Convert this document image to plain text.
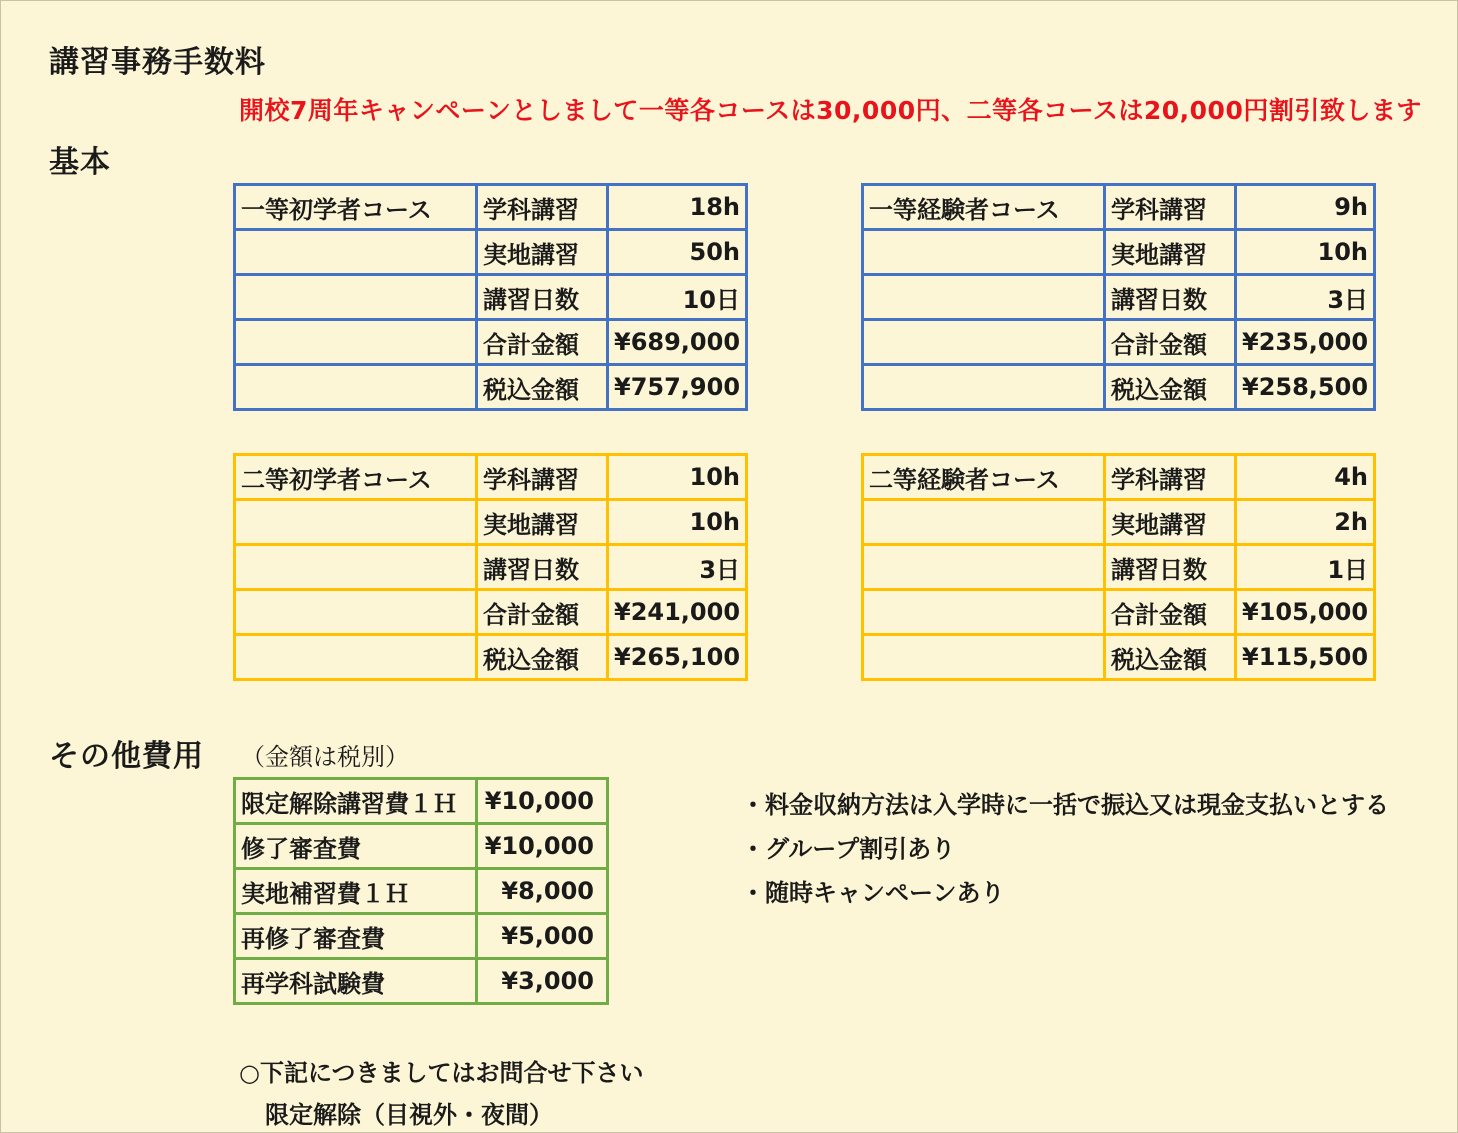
講習事務手数料
開校7周年キャンペーンとしまして一等各コースは30,000円、二等各コースは20,000円割引致します
基本
一等初学者コース	学科講習	18h
	実地講習	50h
	講習日数	10日
	合計金額	¥689,000
	税込金額	¥757,900
一等経験者コース	学科講習	9h
	実地講習	10h
	講習日数	3日
	合計金額	¥235,000
	税込金額	¥258,500
二等初学者コース	学科講習	10h
	実地講習	10h
	講習日数	3日
	合計金額	¥241,000
	税込金額	¥265,100
二等経験者コース	学科講習	4h
	実地講習	2h
	講習日数	1日
	合計金額	¥105,000
	税込金額	¥115,500
その他費用 （金額は税別）
限定解除講習費１Ｈ	¥10,000
修了審査費	¥10,000
実地補習費１Ｈ	¥8,000
再修了審査費	¥5,000
再学科試験費	¥3,000
・料金収納方法は入学時に一括で振込又は現金支払いとする
・グループ割引あり
・随時キャンペーンあり
○下記につきましてはお問合せ下さい
限定解除（目視外・夜間）
